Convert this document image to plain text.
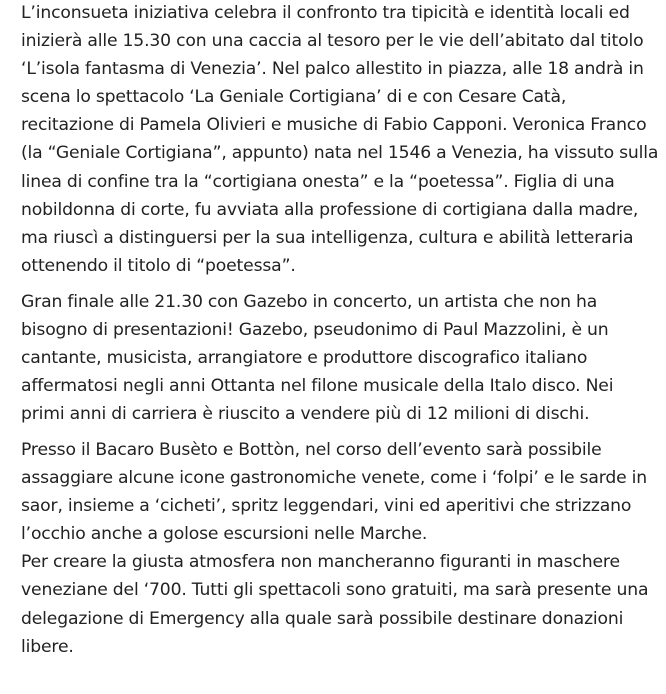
L’inconsueta iniziativa celebra il confronto tra tipicità e identità locali ed
inizierà alle 15.30 con una caccia al tesoro per le vie dell’abitato dal titolo
‘L’isola fantasma di Venezia’. Nel palco allestito in piazza, alle 18 andrà in
scena lo spettacolo ‘La Geniale Cortigiana’ di e con Cesare Catà,
recitazione di Pamela Olivieri e musiche di Fabio Capponi. Veronica Franco
(la “Geniale Cortigiana”, appunto) nata nel 1546 a Venezia, ha vissuto sulla
linea di confine tra la “cortigiana onesta” e la “poetessa”. Figlia di una
nobildonna di corte, fu avviata alla professione di cortigiana dalla madre,
ma riuscì a distinguersi per la sua intelligenza, cultura e abilità letteraria
ottenendo il titolo di “poetessa”.

Gran finale alle 21.30 con Gazebo in concerto, un artista che non ha
bisogno di presentazioni! Gazebo, pseudonimo di Paul Mazzolini, è un
cantante, musicista, arrangiatore e produttore discografico italiano
affermatosi negli anni Ottanta nel filone musicale della Italo disco. Nei
primi anni di carriera è riuscito a vendere più di 12 milioni di dischi.

Presso il Bacaro Busèto e Bottòn, nel corso dell’evento sarà possibile
assaggiare alcune icone gastronomiche venete, come i ‘folpi’ e le sarde in
saor, insieme a ‘cicheti’, spritz leggendari, vini ed aperitivi che strizzano
l’occhio anche a golose escursioni nelle Marche.
Per creare la giusta atmosfera non mancheranno figuranti in maschere
veneziane del ‘700. Tutti gli spettacoli sono gratuiti, ma sarà presente una
delegazione di Emergency alla quale sarà possibile destinare donazioni
libere.
